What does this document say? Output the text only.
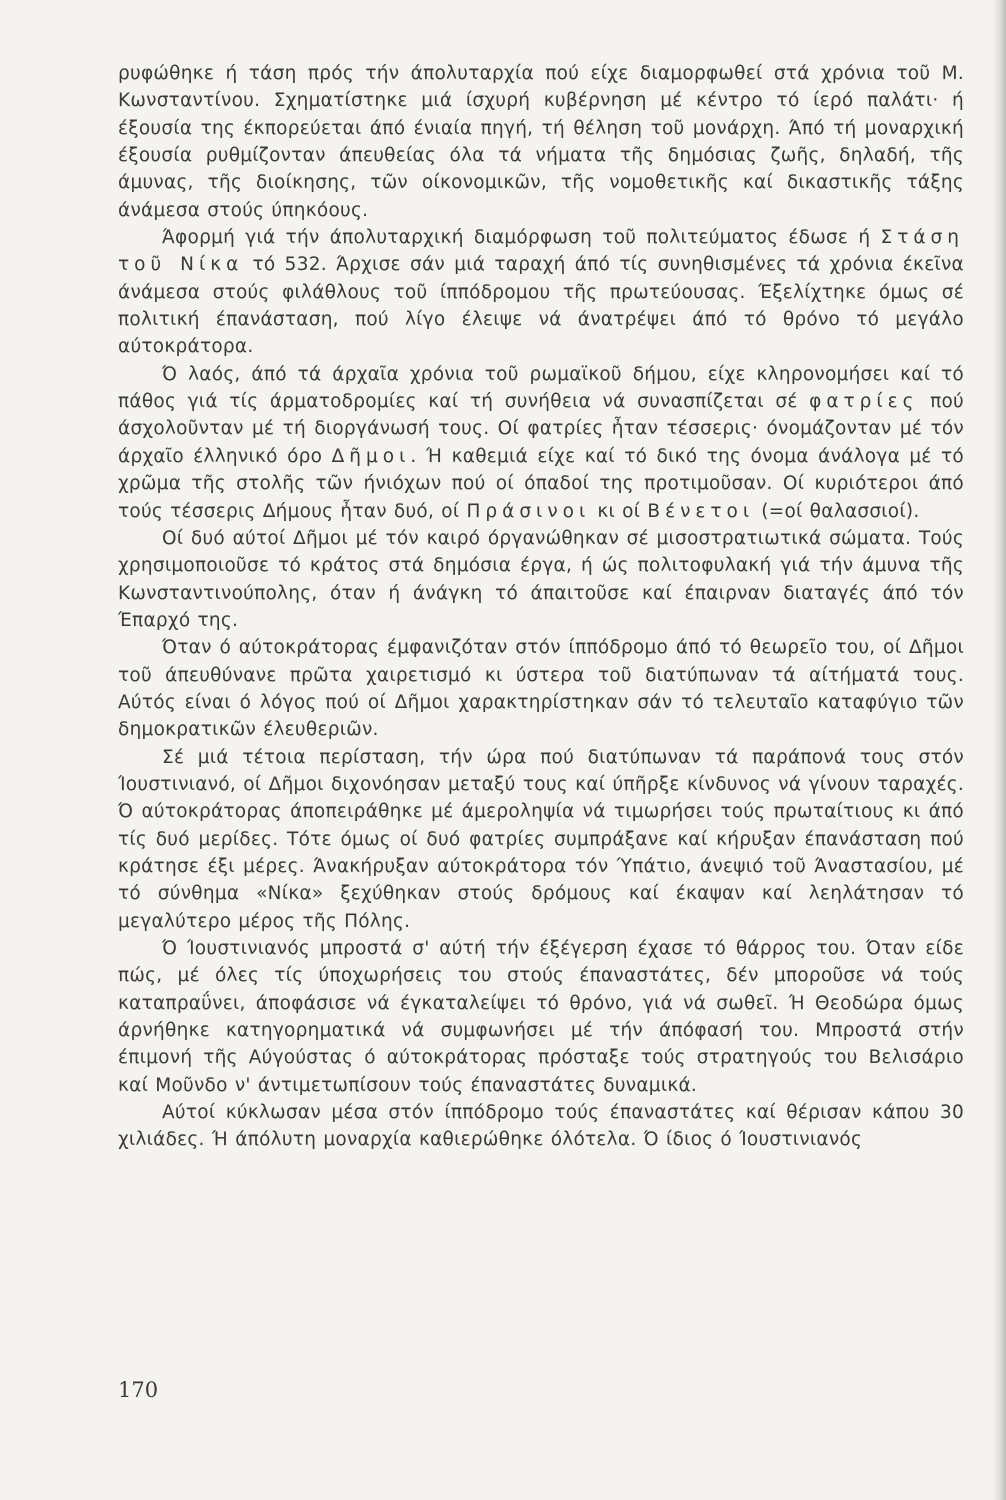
ρυφώθηκε ή τάση πρός τήν άπολυταρχία πού είχε διαμορφωθεί στά χρόνια τοῦ Μ. Κωνσταντίνου. Σχηματίστηκε μιά ίσχυρή κυβέρνηση μέ κέντρο τό ίερό παλάτι· ή έξουσία της έκπορεύεται άπό ένιαία πηγή, τή θέληση τοῦ μονάρχη. Άπό τή μοναρχική έξουσία ρυθμίζονταν άπευθείας όλα τά νήματα τῆς δημόσιας ζωῆς, δηλαδή, τῆς άμυνας, τῆς διοίκησης, τῶν οίκονομικῶν, τῆς νομοθετικῆς καί δικαστικῆς τάξης άνάμεσα στούς ύπηκόους.

Άφορμή γιά τήν άπολυταρχική διαμόρφωση τοῦ πολιτεύματος έδωσε ή Στάση τοῦ Νίκα τό 532. Άρχισε σάν μιά ταραχή άπό τίς συνηθισμένες τά χρόνια έκεῖνα άνάμεσα στούς φιλάθλους τοῦ ίππόδρομου τῆς πρωτεύουσας. Έξελίχτηκε όμως σέ πολιτική έπανάσταση, πού λίγο έλειψε νά άνατρέψει άπό τό θρόνο τό μεγάλο αύτοκράτορα.

Ό λαός, άπό τά άρχαῖα χρόνια τοῦ ρωμαϊκοῦ δήμου, είχε κληρονομήσει καί τό πάθος γιά τίς άρματοδρομίες καί τή συνήθεια νά συνασπίζεται σέ φατρίες πού άσχολοῦνταν μέ τή διοργάνωσή τους. Οί φατρίες ἦταν τέσσερις· όνομάζονταν μέ τόν άρχαῖο έλληνικό όρο Δῆμοι. Ή καθεμιά είχε καί τό δικό της όνομα άνάλογα μέ τό χρῶμα τῆς στολῆς τῶν ήνιόχων πού οί όπαδοί της προτιμοῦσαν. Οί κυριότεροι άπό τούς τέσσερις Δήμους ἦταν δυό, οί Πράσινοι κι οί Βένετοι (=οί θαλασσιοί).

Οί δυό αύτοί Δῆμοι μέ τόν καιρό όργανώθηκαν σέ μισοστρατιωτικά σώματα. Τούς χρησιμοποιοῦσε τό κράτος στά δημόσια έργα, ή ώς πολιτοφυλακή γιά τήν άμυνα τῆς Κωνσταντινούπολης, όταν ή άνάγκη τό άπαιτοῦσε καί έπαιρναν διαταγές άπό τόν Έπαρχό της.

Όταν ό αύτοκράτορας έμφανιζόταν στόν ίππόδρομο άπό τό θεωρεῖο του, οί Δῆμοι τοῦ άπευθύνανε πρῶτα χαιρετισμό κι ύστερα τοῦ διατύπωναν τά αίτήματά τους. Αύτός είναι ό λόγος πού οί Δῆμοι χαρακτηρίστηκαν σάν τό τελευταῖο καταφύγιο τῶν δημοκρατικῶν έλευθεριῶν.

Σέ μιά τέτοια περίσταση, τήν ώρα πού διατύπωναν τά παράπονά τους στόν Ίουστινιανό, οί Δῆμοι διχονόησαν μεταξύ τους καί ύπῆρξε κίνδυνος νά γίνουν ταραχές. Ό αύτοκράτορας άποπειράθηκε μέ άμεροληψία νά τιμωρήσει τούς πρωταίτιους κι άπό τίς δυό μερίδες. Τότε όμως οί δυό φατρίες συμπράξανε καί κήρυξαν έπανάσταση πού κράτησε έξι μέρες. Άνακήρυξαν αύτοκράτορα τόν Ύπάτιο, άνεψιό τοῦ Άναστασίου, μέ τό σύνθημα «Νίκα» ξεχύθηκαν στούς δρόμους καί έκαψαν καί λεηλάτησαν τό μεγαλύτερο μέρος τῆς Πόλης.

Ό Ίουστινιανός μπροστά σ' αύτή τήν έξέγερση έχασε τό θάρρος του. Όταν είδε πώς, μέ όλες τίς ύποχωρήσεις του στούς έπαναστάτες, δέν μποροῦσε νά τούς καταπραΰνει, άποφάσισε νά έγκαταλείψει τό θρόνο, γιά νά σωθεῖ. Ή Θεοδώρα όμως άρνήθηκε κατηγορηματικά νά συμφωνήσει μέ τήν άπόφασή του. Μπροστά στήν έπιμονή τῆς Αύγούστας ό αύτοκράτορας πρόσταξε τούς στρατηγούς του Βελισάριο καί Μοῦνδο ν' άντιμετωπίσουν τούς έπαναστάτες δυναμικά.

Αύτοί κύκλωσαν μέσα στόν ίππόδρομο τούς έπαναστάτες καί θέρισαν κάπου 30 χιλιάδες. Ή άπόλυτη μοναρχία καθιερώθηκε όλότελα. Ό ίδιος ό Ίουστινιανός

170
